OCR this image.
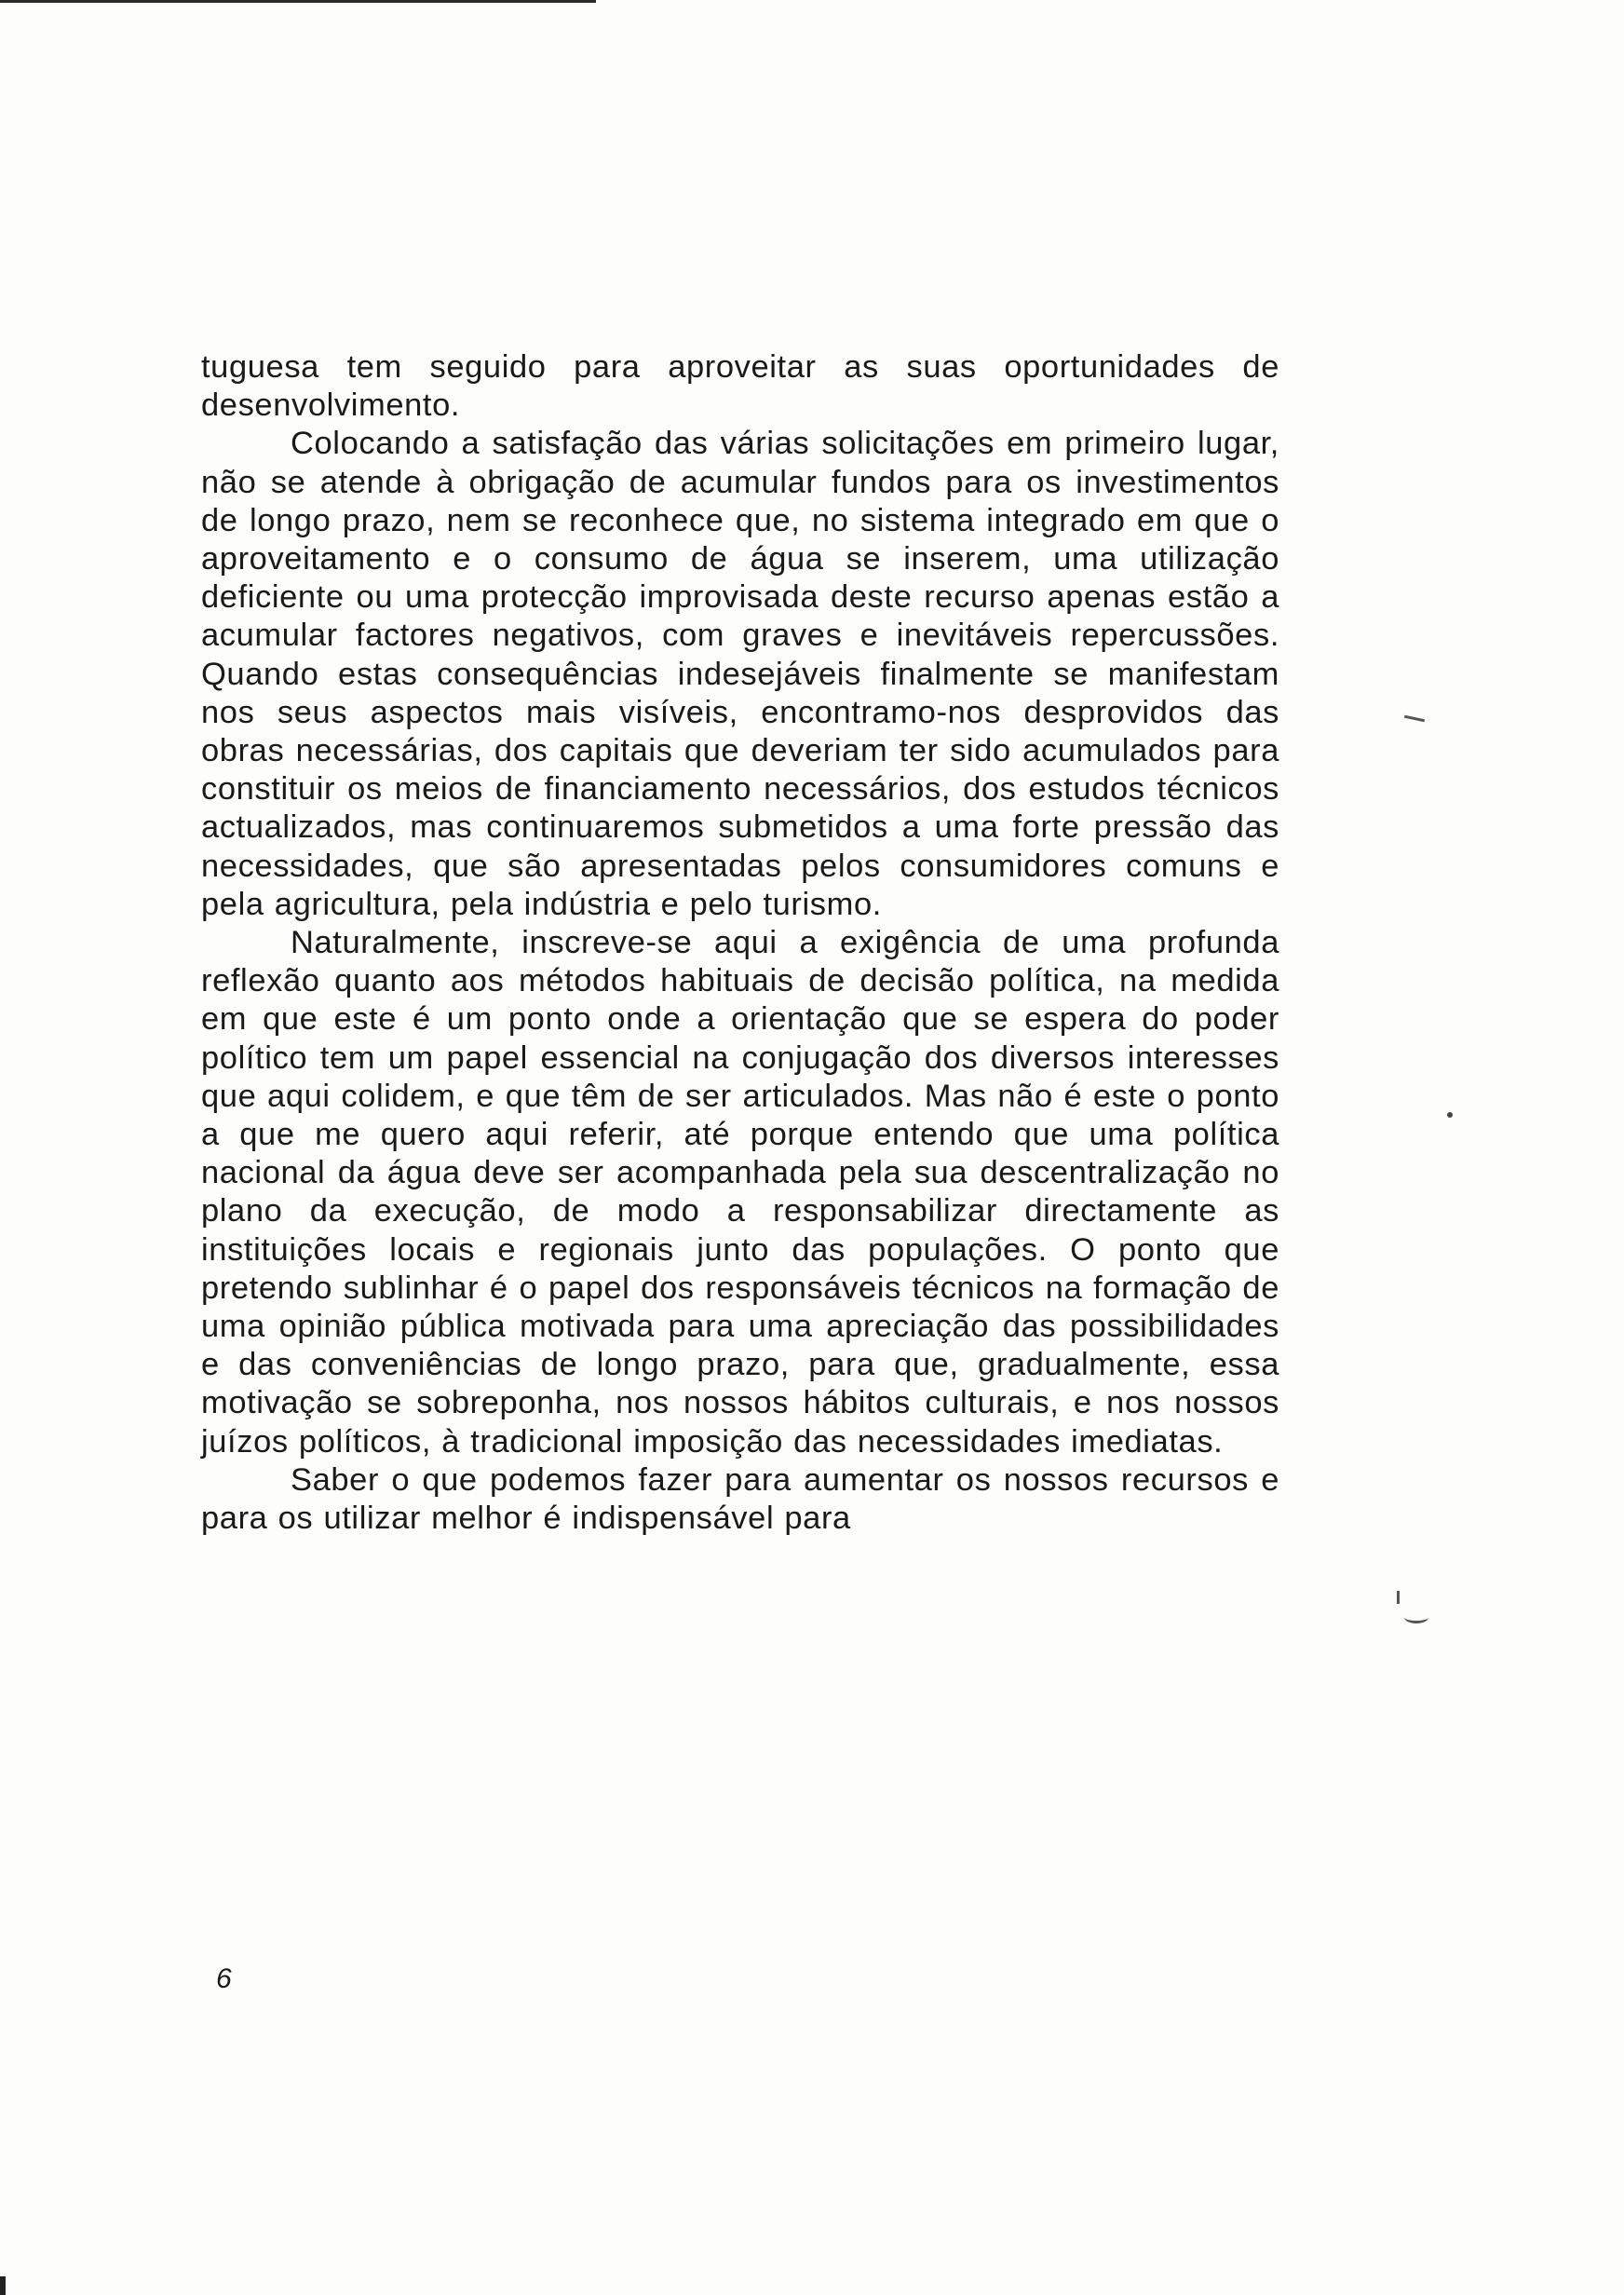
tuguesa tem seguido para aproveitar as suas oportunidades de desenvolvimento.

Colocando a satisfação das várias solicitações em primeiro lugar, não se atende à obrigação de acumular fundos para os investimentos de longo prazo, nem se reconhece que, no sistema integrado em que o aproveitamento e o consumo de água se inserem, uma utilização deficiente ou uma protecção improvisada deste recurso apenas estão a acumular factores negativos, com graves e inevitáveis repercussões. Quando estas consequências indesejáveis finalmente se manifestam nos seus aspectos mais visíveis, encontramo-nos desprovidos das obras necessárias, dos capitais que deveriam ter sido acumulados para constituir os meios de financiamento necessários, dos estudos técnicos actualizados, mas continuaremos submetidos a uma forte pressão das necessidades, que são apresentadas pelos consumidores comuns e pela agricultura, pela indústria e pelo turismo.

Naturalmente, inscreve-se aqui a exigência de uma profunda reflexão quanto aos métodos habituais de decisão política, na medida em que este é um ponto onde a orientação que se espera do poder político tem um papel essencial na conjugação dos diversos interesses que aqui colidem, e que têm de ser articulados. Mas não é este o ponto a que me quero aqui referir, até porque entendo que uma política nacional da água deve ser acompanhada pela sua descentralização no plano da execução, de modo a responsabilizar directamente as instituições locais e regionais junto das populações. O ponto que pretendo sublinhar é o papel dos responsáveis técnicos na formação de uma opinião pública motivada para uma apreciação das possibilidades e das conveniências de longo prazo, para que, gradualmente, essa motivação se sobreponha, nos nossos hábitos culturais, e nos nossos juízos políticos, à tradicional imposição das necessidades imediatas.

Saber o que podemos fazer para aumentar os nossos recursos e para os utilizar melhor é indispensável para

6
